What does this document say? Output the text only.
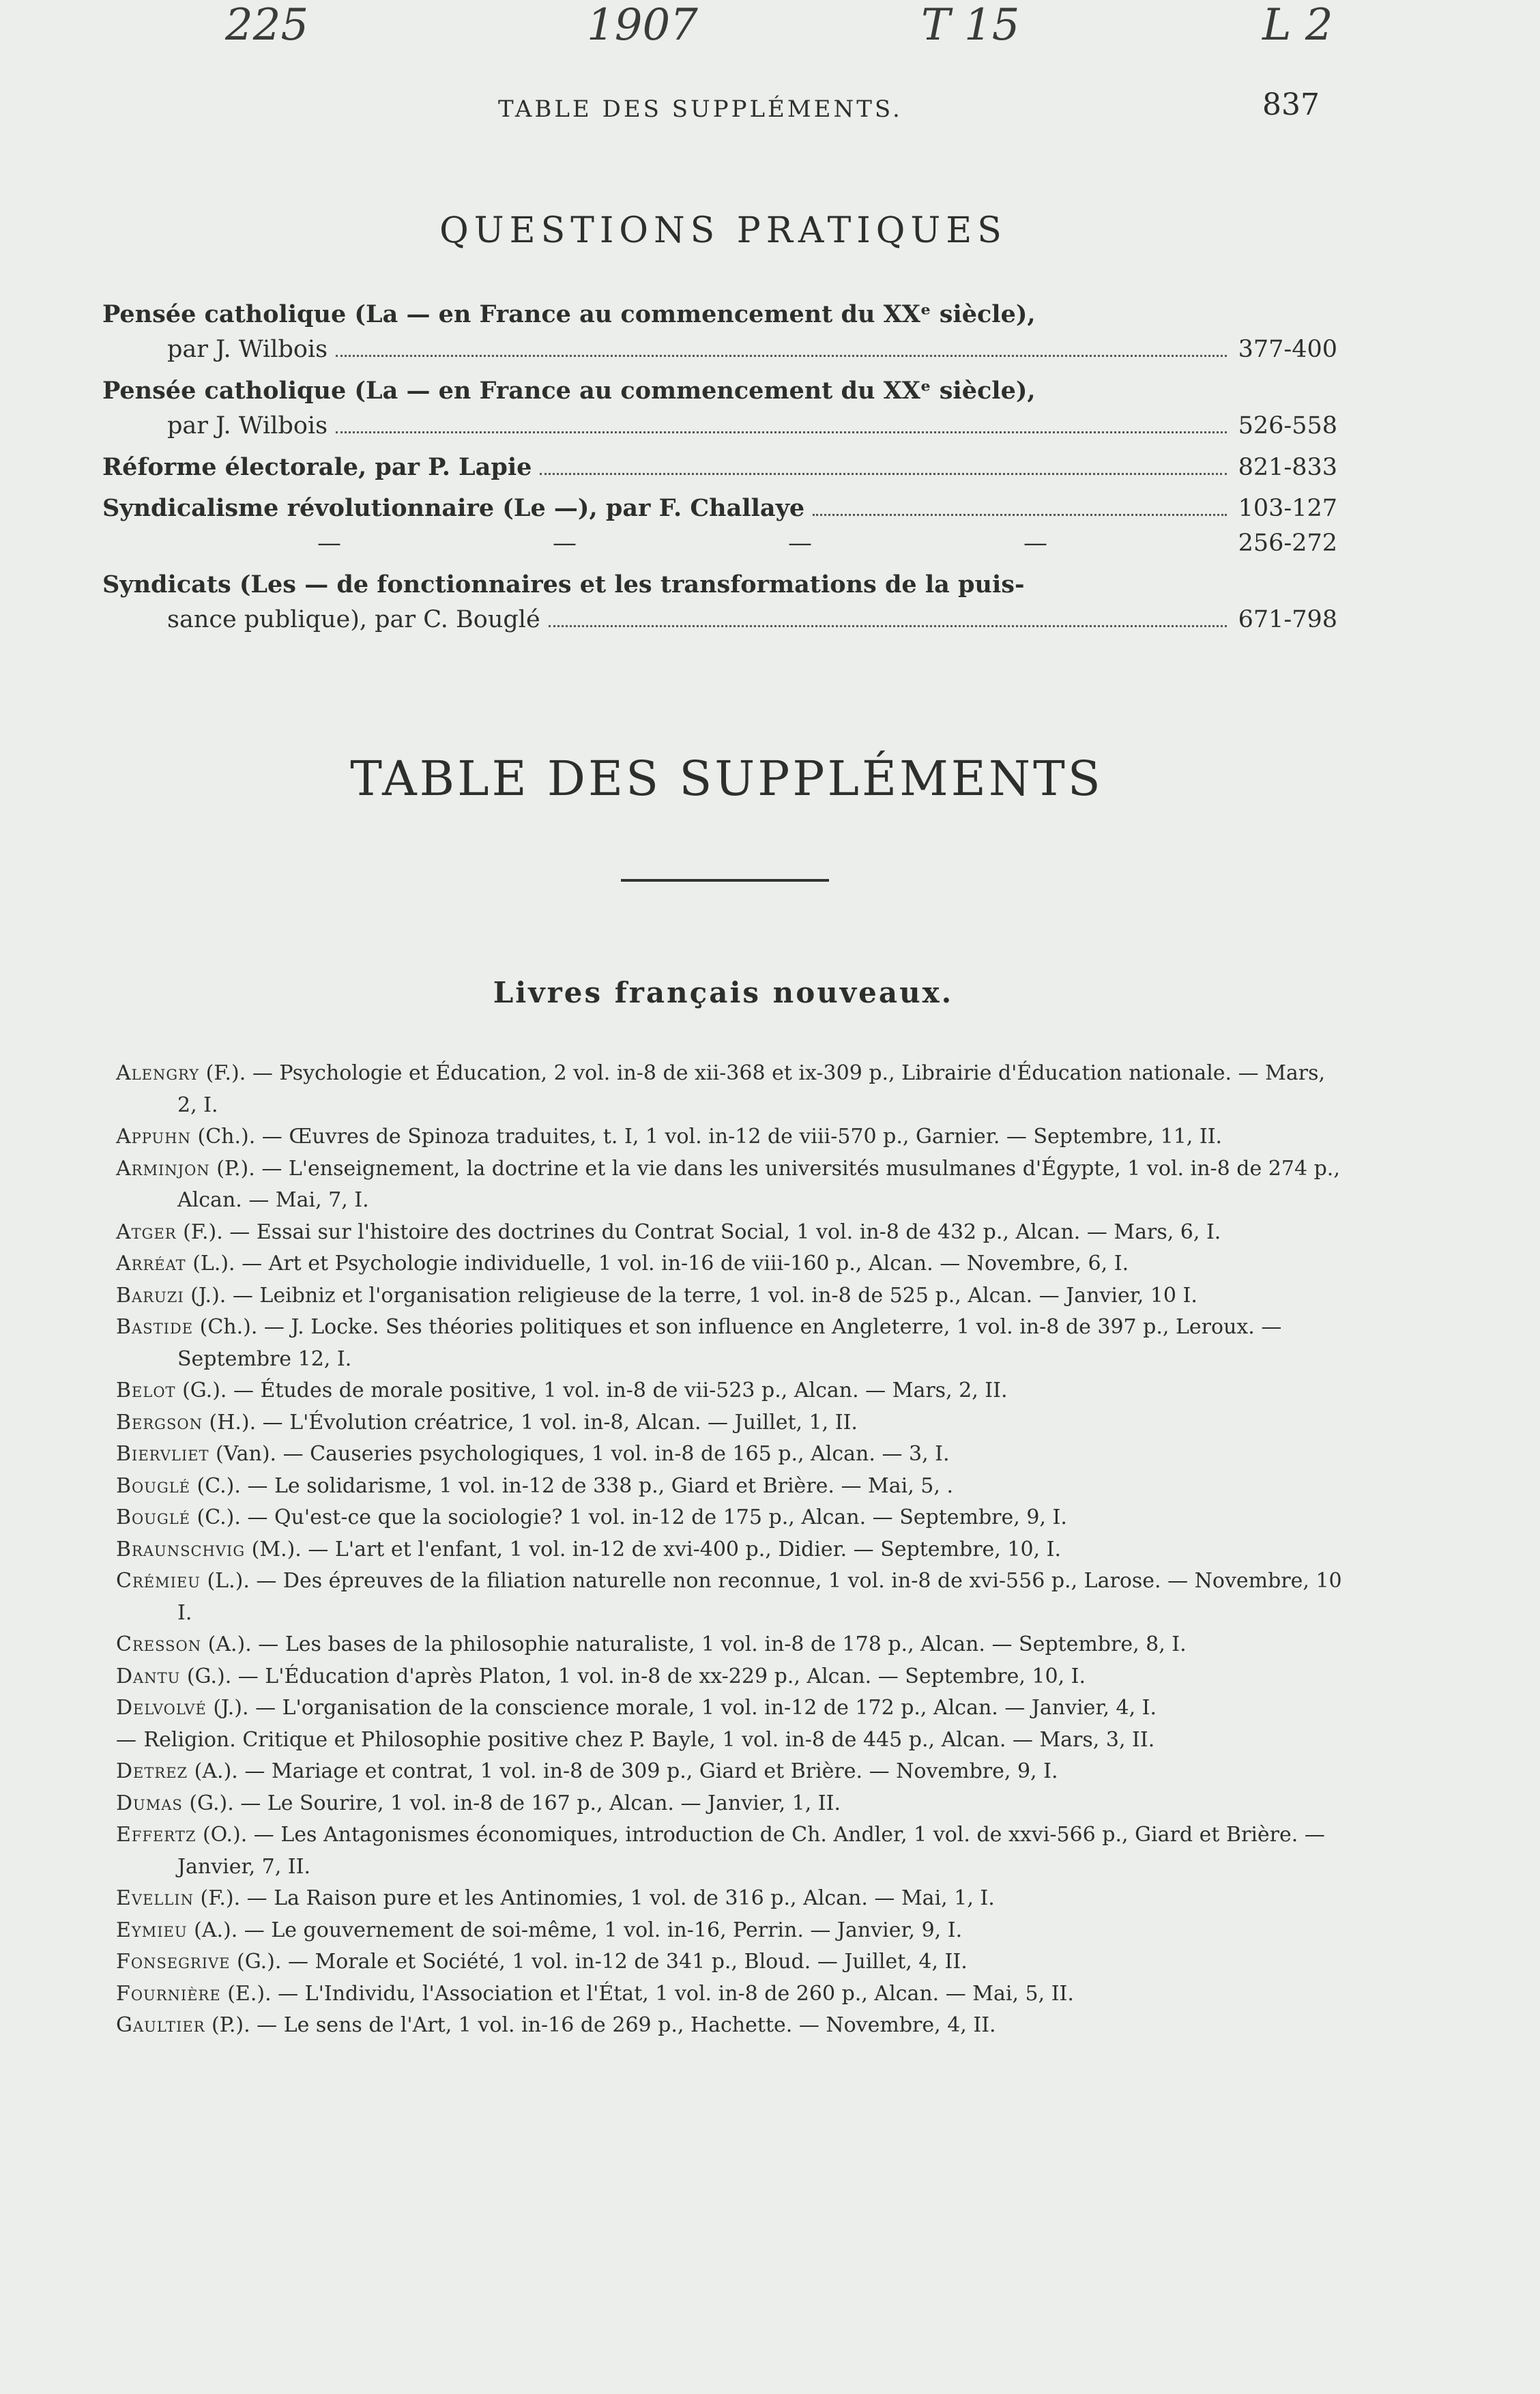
225	1907	T 15	L 2
TABLE DES SUPPLÉMENTS.	837
QUESTIONS PRATIQUES
Pensée catholique (La — en France au commencement du XXᵉ siècle),
par J. Wilbois	377-400
Pensée catholique (La — en France au commencement du XXᵉ siècle),
par J. Wilbois	526-558
Réforme électorale, par P. Lapie	821-833
Syndicalisme révolutionnaire (Le —), par F. Challaye	103-127
—	—	—	—	256-272
Syndicats (Les — de fonctionnaires et les transformations de la puis-
sance publique), par C. Bouglé	671-798
TABLE DES SUPPLÉMENTS
Livres français nouveaux.
Alengry (F.). — Psychologie et Éducation, 2 vol. in-8 de xii-368 et ix-309 p., Librairie d'Éducation nationale. — Mars, 2, I.
Appuhn (Ch.). — Œuvres de Spinoza traduites, t. I, 1 vol. in-12 de viii-570 p., Garnier. — Septembre, 11, II.
Arminjon (P.). — L'enseignement, la doctrine et la vie dans les universités musulmanes d'Égypte, 1 vol. in-8 de 274 p., Alcan. — Mai, 7, I.
Atger (F.). — Essai sur l'histoire des doctrines du Contrat Social, 1 vol. in-8 de 432 p., Alcan. — Mars, 6, I.
Arréat (L.). — Art et Psychologie individuelle, 1 vol. in-16 de viii-160 p., Alcan. — Novembre, 6, I.
Baruzi (J.). — Leibniz et l'organisation religieuse de la terre, 1 vol. in-8 de 525 p., Alcan. — Janvier, 10 I.
Bastide (Ch.). — J. Locke. Ses théories politiques et son influence en Angleterre, 1 vol. in-8 de 397 p., Leroux. — Septembre 12, I.
Belot (G.). — Études de morale positive, 1 vol. in-8 de vii-523 p., Alcan. — Mars, 2, II.
Bergson (H.). — L'Évolution créatrice, 1 vol. in-8, Alcan. — Juillet, 1, II.
Biervliet (Van). — Causeries psychologiques, 1 vol. in-8 de 165 p., Alcan. — 3, I.
Bouglé (C.). — Le solidarisme, 1 vol. in-12 de 338 p., Giard et Brière. — Mai, 5, .
Bouglé (C.). — Qu'est-ce que la sociologie? 1 vol. in-12 de 175 p., Alcan. — Septembre, 9, I.
Braunschvig (M.). — L'art et l'enfant, 1 vol. in-12 de xvi-400 p., Didier. — Septembre, 10, I.
Crémieu (L.). — Des épreuves de la filiation naturelle non reconnue, 1 vol. in-8 de xvi-556 p., Larose. — Novembre, 10 I.
Cresson (A.). — Les bases de la philosophie naturaliste, 1 vol. in-8 de 178 p., Alcan. — Septembre, 8, I.
Dantu (G.). — L'Éducation d'après Platon, 1 vol. in-8 de xx-229 p., Alcan. — Septembre, 10, I.
Delvolvé (J.). — L'organisation de la conscience morale, 1 vol. in-12 de 172 p., Alcan. — Janvier, 4, I.
— Religion. Critique et Philosophie positive chez P. Bayle, 1 vol. in-8 de 445 p., Alcan. — Mars, 3, II.
Detrez (A.). — Mariage et contrat, 1 vol. in-8 de 309 p., Giard et Brière. — Novembre, 9, I.
Dumas (G.). — Le Sourire, 1 vol. in-8 de 167 p., Alcan. — Janvier, 1, II.
Effertz (O.). — Les Antagonismes économiques, introduction de Ch. Andler, 1 vol. de xxvi-566 p., Giard et Brière. — Janvier, 7, II.
Evellin (F.). — La Raison pure et les Antinomies, 1 vol. de 316 p., Alcan. — Mai, 1, I.
Eymieu (A.). — Le gouvernement de soi-même, 1 vol. in-16, Perrin. — Janvier, 9, I.
Fonsegrive (G.). — Morale et Société, 1 vol. in-12 de 341 p., Bloud. — Juillet, 4, II.
Fournière (E.). — L'Individu, l'Association et l'État, 1 vol. in-8 de 260 p., Alcan. — Mai, 5, II.
Gaultier (P.). — Le sens de l'Art, 1 vol. in-16 de 269 p., Hachette. — Novembre, 4, II.
